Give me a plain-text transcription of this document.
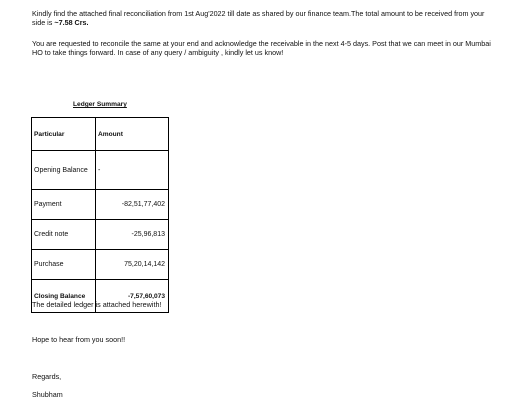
Kindly find the attached final reconciliation from 1st Aug'2022 till date as shared by our finance team.The total amount to be received from your side is ~7.58 Crs.
You are requested to reconcile the same at your end and acknowledge the receivable in the next 4-5 days. Post that we can meet in our Mumbai HO to take things forward. In case of any query / ambiguity , kindly let us know!
Ledger Summary
Particular	Amount
Opening Balance	-
Payment	-82,51,77,402
Credit note	-25,96,813
Purchase	75,20,14,142
Closing Balance	-7,57,60,073
The detailed ledger is attached herewith!
Hope to hear from you soon!!
Regards,
Shubham
